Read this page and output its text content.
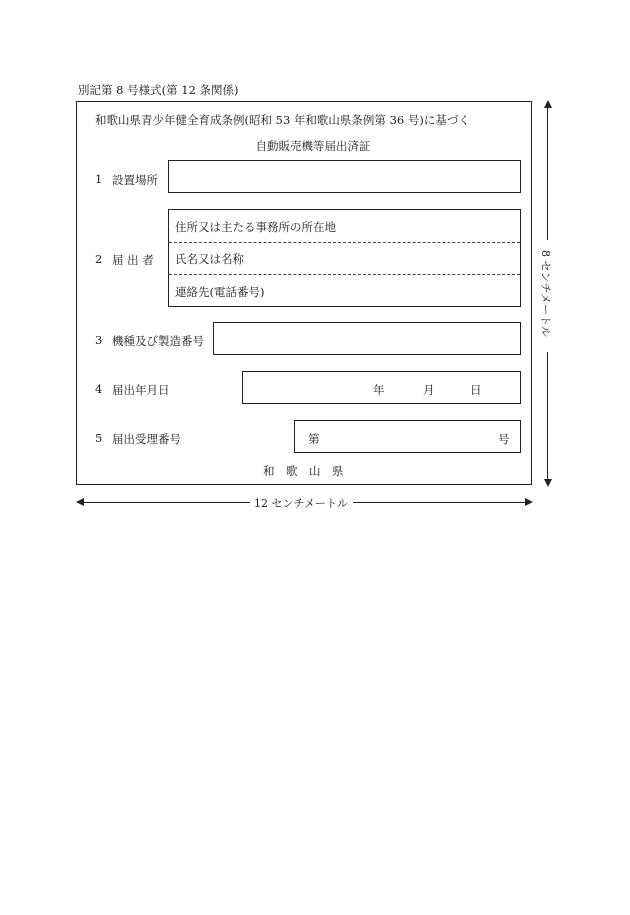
別記第 8 号様式(第 12 条関係)
和歌山県青少年健全育成条例(昭和 53 年和歌山県条例第 36 号)に基づく
自動販売機等届出済証
1 設置場所
2 届 出 者
住所又は主たる事務所の所在地
氏名又は名称
連絡先(電話番号)
3 機種及び製造番号
4 届出年月日	年	月	日
5 届出受理番号	第	号
和　歌　山　県
8 センチメートル
12 センチメートル
